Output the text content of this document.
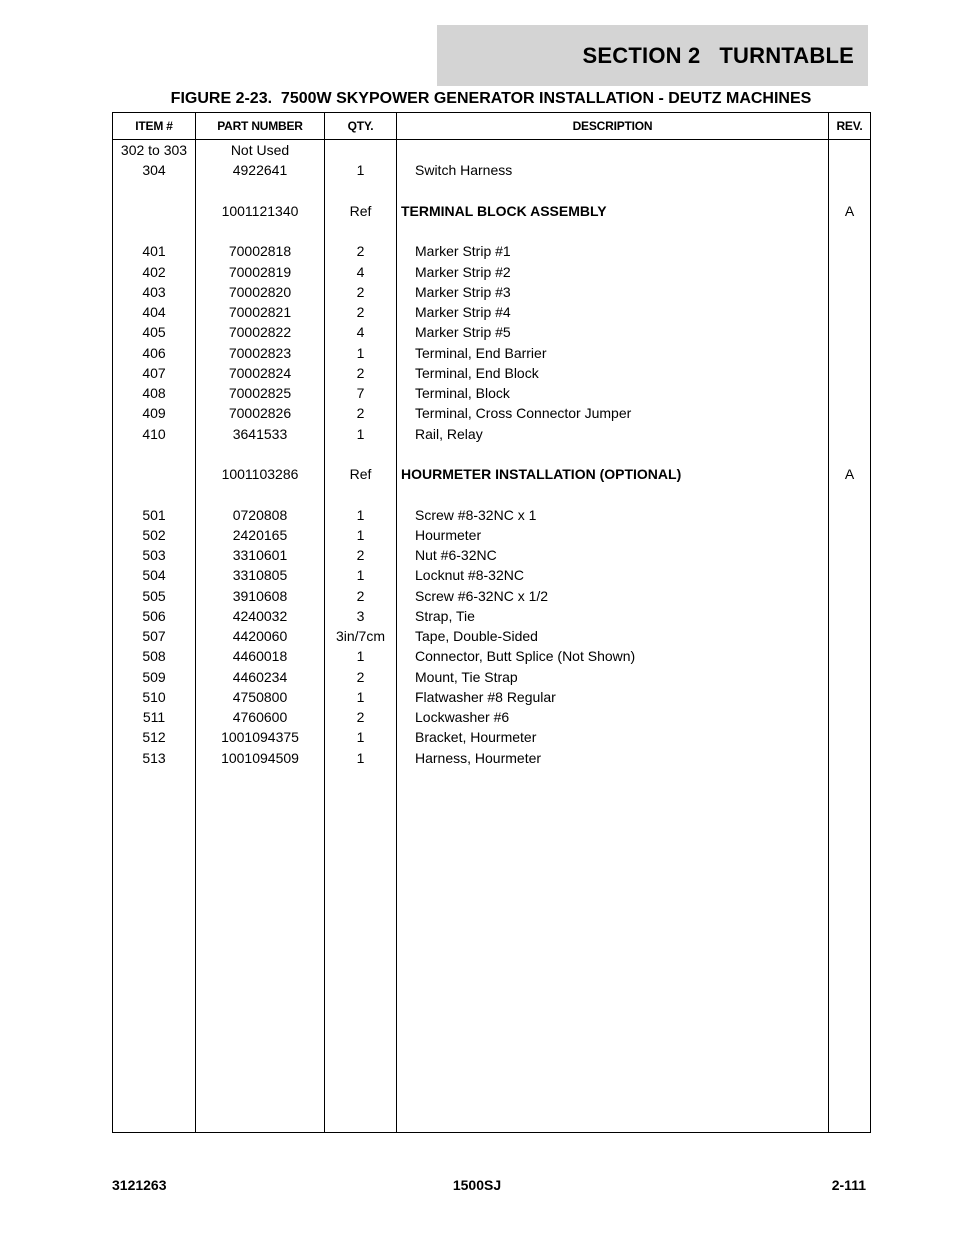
SECTION 2   TURNTABLE
FIGURE 2-23.  7500W SKYPOWER GENERATOR INSTALLATION - DEUTZ MACHINES
ITEM #	PART NUMBER	QTY.	DESCRIPTION	REV.
302 to 303	Not Used			
304	4922641	1	Switch Harness	

	1001121340	Ref	TERMINAL BLOCK ASSEMBLY	A

401	70002818	2	Marker Strip #1	
402	70002819	4	Marker Strip #2	
403	70002820	2	Marker Strip #3	
404	70002821	2	Marker Strip #4	
405	70002822	4	Marker Strip #5	
406	70002823	1	Terminal, End Barrier	
407	70002824	2	Terminal, End Block	
408	70002825	7	Terminal, Block	
409	70002826	2	Terminal, Cross Connector Jumper	
410	3641533	1	Rail, Relay	

	1001103286	Ref	HOURMETER INSTALLATION (OPTIONAL)	A

501	0720808	1	Screw #8-32NC x 1	
502	2420165	1	Hourmeter	
503	3310601	2	Nut #6-32NC	
504	3310805	1	Locknut #8-32NC	
505	3910608	2	Screw #6-32NC x 1/2	
506	4240032	3	Strap, Tie	
507	4420060	3in/7cm	Tape, Double-Sided	
508	4460018	1	Connector, Butt Splice (Not Shown)	
509	4460234	2	Mount, Tie Strap	
510	4750800	1	Flatwasher #8 Regular	
511	4760600	2	Lockwasher #6	
512	1001094375	1	Bracket, Hourmeter	
513	1001094509	1	Harness, Hourmeter	

3121263	1500SJ	2-111
